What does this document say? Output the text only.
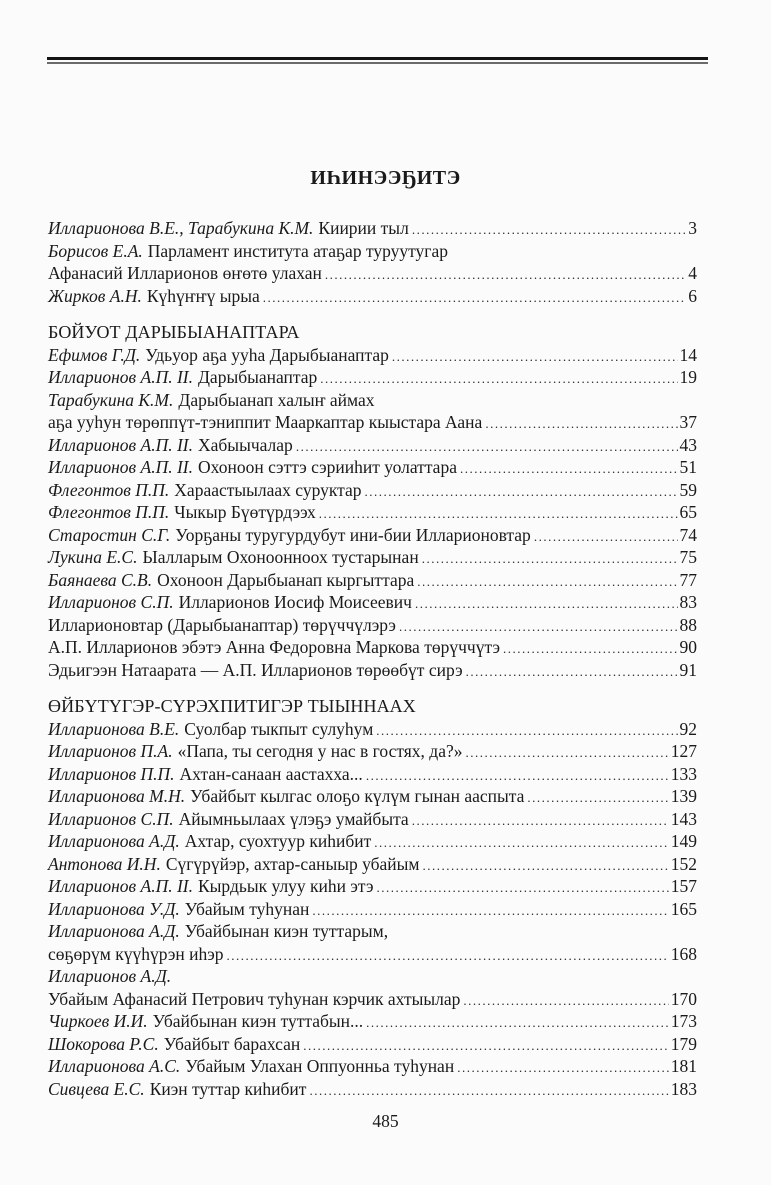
ИҺИНЭЭҔИТЭ
Илларионова В.Е., Тарабукина К.М. Киирии тыл .....	3
Борисов Е.А. Парламент института атаҕар туруутугар
Афанасий Илларионов өҥөтө улахан .....	4
Жирков А.Н. Күһүҥҥү ырыа .....	6
БОЙУОТ ДАРЫБЫАНАПТАРА
Ефимов Г.Д. Удьуор аҕа ууһа Дарыбыанаптар .....	14
Илларионов А.П. II. Дарыбыанаптар .....	19
Тарабукина К.М. Дарыбыанап халыҥ аймах
аҕа ууһун төрөппүт-тэниппит Мааркаптар кыыстара Аана .....	37
Илларионов А.П. II. Хабыычалар .....	43
Илларионов А.П. II. Охоноон сэттэ сэрииһит уолаттара .....	51
Флегонтов П.П. Хараастыылаах суруктар .....	59
Флегонтов П.П. Чыкыр Бүөтүрдээх .....	65
Старостин С.Г. Уорҕаны туругурдубут ини-бии Илларионовтар .....	74
Лукина Е.С. Ыалларым Охоноонноох тустарынан .....	75
Баянаева С.В. Охоноон Дарыбыанап кыргыттара .....	77
Илларионов С.П. Илларионов Иосиф Моисеевич .....	83
Илларионовтар (Дарыбыанаптар) төрүччүлэрэ .....	88
А.П. Илларионов эбэтэ Анна Федоровна Маркова төрүччүтэ .....	90
Эдьигээн Натаарата — А.П. Илларионов төрөөбүт сирэ .....	91
ӨЙБҮТҮГЭР-СҮРЭХПИТИГЭР ТЫЫННААХ
Илларионова В.Е. Суолбар тыкпыт сулуһум .....	92
Илларионов П.А. «Папа, ты сегодня у нас в гостях, да?» .....	127
Илларионов П.П. Ахтан-санаан аастахха... .....	133
Илларионова М.Н. Убайбыт кылгас олоҕо күлүм гынан ааспыта .....	139
Илларионов С.П. Айымньылаах үлэҕэ умайбыта .....	143
Илларионова А.Д. Ахтар, суохтуур киһибит .....	149
Антонова И.Н. Сүгүрүйэр, ахтар-саныыр убайым .....	152
Илларионов А.П. II. Кырдьык улуу киһи этэ .....	157
Илларионова У.Д. Убайым туһунан .....	165
Илларионова А.Д. Убайбынан киэн туттарым,
сөҕөрүм күүһүрэн иһэр .....	168
Илларионов А.Д.
Убайым Афанасий Петрович туһунан кэрчик ахтыылар .....	170
Чиркоев И.И. Убайбынан киэн туттабын... .....	173
Шокорова Р.С. Убайбыт барахсан .....	179
Илларионова А.С. Убайым Улахан Оппуонньа туһунан .....	181
Сивцева Е.С. Киэн туттар киһибит .....	183
485
